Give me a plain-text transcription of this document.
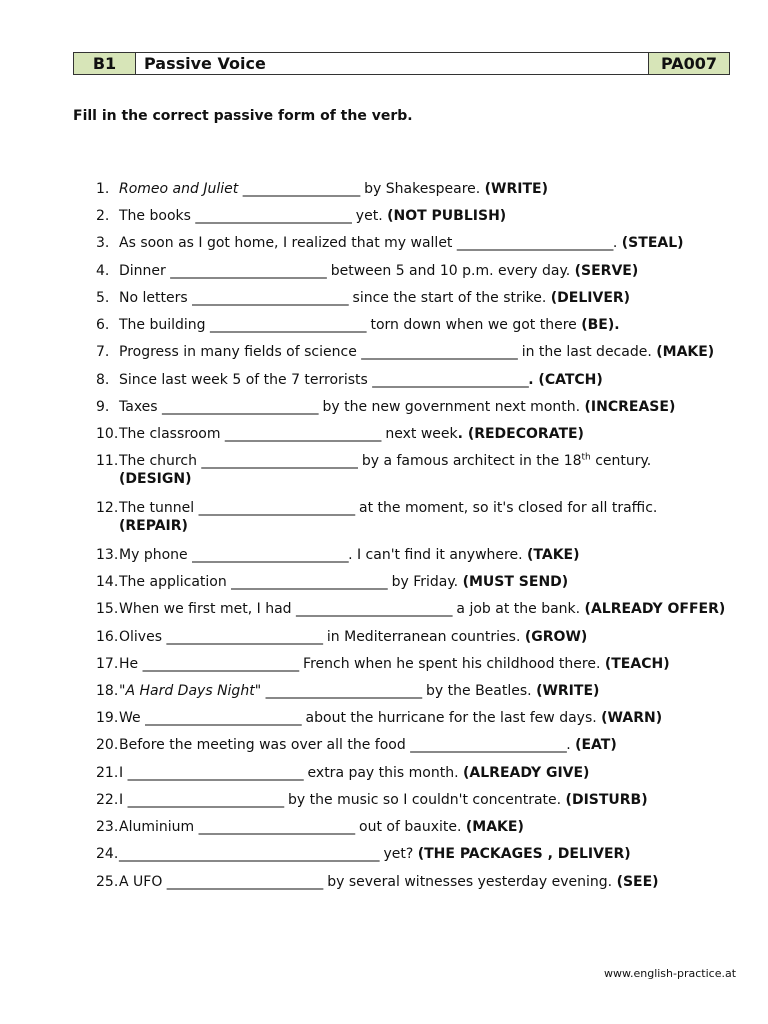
B1	Passive Voice	PA007

Fill in the correct passive form of the verb.

1. Romeo and Juliet __________________ by Shakespeare. (WRITE)
2. The books ________________________ yet. (NOT PUBLISH)
3. As soon as I got home, I realized that my wallet ________________________. (STEAL)
4. Dinner ________________________ between 5 and 10 p.m. every day. (SERVE)
5. No letters ________________________ since the start of the strike. (DELIVER)
6. The building ________________________ torn down when we got there (BE).
7. Progress in many fields of science ________________________ in the last decade. (MAKE)
8. Since last week 5 of the 7 terrorists ________________________. (CATCH)
9. Taxes ________________________ by the new government next month. (INCREASE)
10.The classroom ________________________ next week. (REDECORATE)
11.The church ________________________ by a famous architect in the 18th century.
(DESIGN)
12.The tunnel ________________________ at the moment, so it's closed for all traffic.
(REPAIR)
13.My phone ________________________. I can't find it anywhere. (TAKE)
14.The application ________________________ by Friday. (MUST SEND)
15.When we first met, I had ________________________ a job at the bank. (ALREADY OFFER)
16.Olives ________________________ in Mediterranean countries. (GROW)
17.He ________________________ French when he spent his childhood there. (TEACH)
18."A Hard Days Night" ________________________ by the Beatles. (WRITE)
19.We ________________________ about the hurricane for the last few days. (WARN)
20.Before the meeting was over all the food ________________________. (EAT)
21.I ___________________________ extra pay this month. (ALREADY GIVE)
22.I ________________________ by the music so I couldn't concentrate. (DISTURB)
23.Aluminium ________________________ out of bauxite. (MAKE)
24.________________________________________ yet? (THE PACKAGES , DELIVER)
25.A UFO ________________________ by several witnesses yesterday evening. (SEE)
www.english-practice.at
